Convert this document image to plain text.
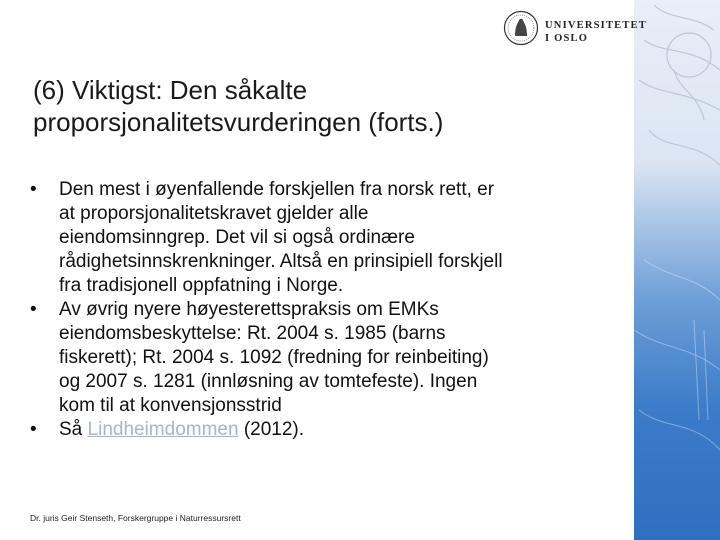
UNIVERSITETET
I OSLO
(6) Viktigst: Den såkalte
proporsjonalitetsvurderingen (forts.)
• Den mest i øyenfallende forskjellen fra norsk rett, er
at proporsjonalitetskravet gjelder alle
eiendomsinngrep. Det vil si også ordinære
rådighetsinnskrenkninger. Altså en prinsipiell forskjell
fra tradisjonell oppfatning i Norge.
• Av øvrig nyere høyesterettspraksis om EMKs
eiendomsbeskyttelse: Rt. 2004 s. 1985 (barns
fiskerett); Rt. 2004 s. 1092 (fredning for reinbeiting)
og 2007 s. 1281 (innløsning av tomtefeste). Ingen
kom til at konvensjonsstrid
• Så Lindheimdommen (2012).
Dr. juris Geir Stenseth, Forskergruppe i Naturressursrett
